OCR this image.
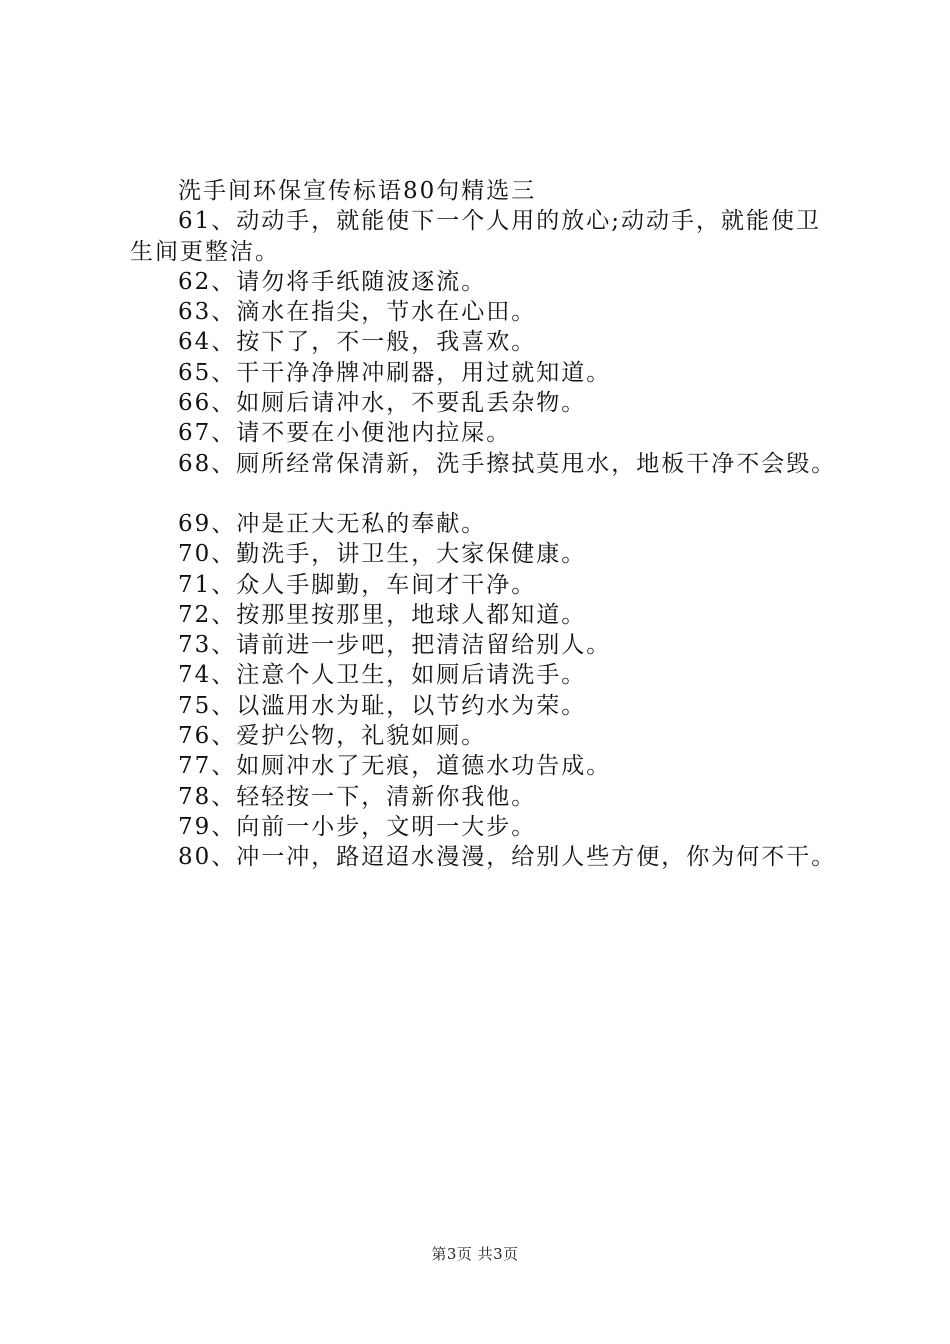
洗手间环保宣传标语80句精选三
61、动动手，就能使下一个人用的放心;动动手，就能使卫
生间更整洁。
62、请勿将手纸随波逐流。
63、滴水在指尖，节水在心田。
64、按下了，不一般，我喜欢。
65、干干净净牌冲刷器，用过就知道。
66、如厕后请冲水，不要乱丢杂物。
67、请不要在小便池内拉屎。
68、厕所经常保清新，洗手擦拭莫甩水，地板干净不会毁。
69、冲是正大无私的奉献。
70、勤洗手，讲卫生，大家保健康。
71、众人手脚勤，车间才干净。
72、按那里按那里，地球人都知道。
73、请前进一步吧，把清洁留给别人。
74、注意个人卫生，如厕后请洗手。
75、以滥用水为耻，以节约水为荣。
76、爱护公物，礼貌如厕。
77、如厕冲水了无痕，道德水功告成。
78、轻轻按一下，清新你我他。
79、向前一小步，文明一大步。
80、冲一冲，路迢迢水漫漫，给别人些方便，你为何不干。
第3页 共3页
